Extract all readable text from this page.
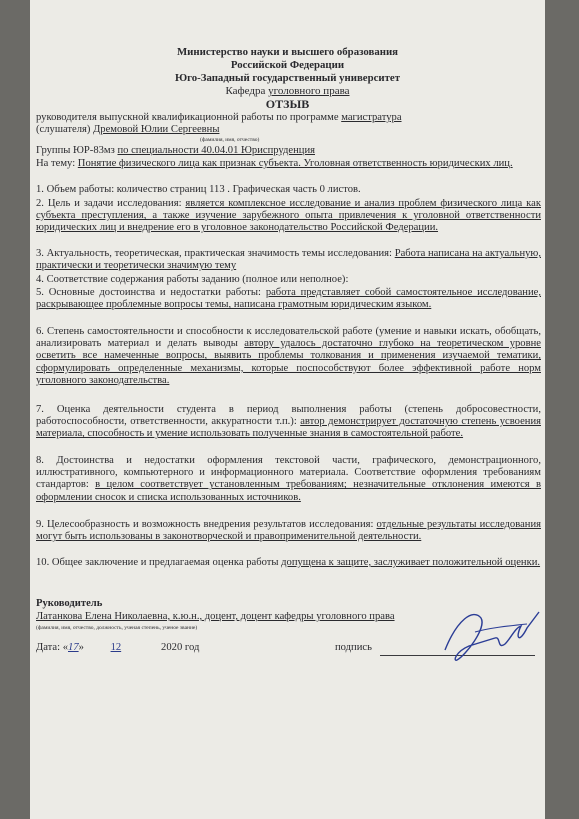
Министерство науки и высшего образования
Российской Федерации
Юго-Западный государственный университет
Кафедра уголовного права
ОТЗЫВ
руководителя выпускной квалификационной работы по программе магистратура
(слушателя) Дремовой Юлии Сергеевны
(фамилия, имя, отчество)
Группы ЮР-83мз по специальности 40.04.01 Юриспруденция
На тему: Понятие физического лица как признак субъекта. Уголовная ответственность юридических лиц.
1. Объем работы: количество страниц 113 . Графическая часть 0 листов.
2. Цель и задачи исследования: является комплексное исследование и анализ проблем физического лица как субъекта преступления, а также изучение зарубежного опыта привлечения к уголовной ответственности юридических лиц и внедрение его в уголовное законодательство Российской Федерации.
3. Актуальность, теоретическая, практическая значимость темы исследования: Работа написана на актуальную, практически и теоретически значимую тему
4. Соответствие содержания работы заданию (полное или неполное):
5. Основные достоинства и недостатки работы: работа представляет собой самостоятельное исследование, раскрывающее проблемные вопросы темы, написана грамотным юридическим языком.
6. Степень самостоятельности и способности к исследовательской работе (умение и навыки искать, обобщать, анализировать материал и делать выводы автору удалось достаточно глубоко на теоретическом уровне осветить все намеченные вопросы, выявить проблемы толкования и применения изучаемой тематики, сформулировать определенные механизмы, которые поспособствуют более эффективной работе норм уголовного законодательства.
7. Оценка деятельности студента в период выполнения работы (степень добросовестности, работоспособности, ответственности, аккуратности т.п.): автор демонстрирует достаточную степень усвоения материала, способность и умение использовать полученные знания в самостоятельной работе.
8. Достоинства и недостатки оформления текстовой части, графического, демонстрационного, иллюстративного, компьютерного и информационного материала. Соответствие оформления требованиям стандартов: в целом соответствует установленным требованиям; незначительные отклонения имеются в оформлении сносок и списка использованных источников.
9. Целесообразность и возможность внедрения результатов исследования: отдельные результаты исследования могут быть использованы в законотворческой и правоприменительной деятельности.
10. Общее заключение и предлагаемая оценка работы допущена к защите, заслуживает положительной оценки.
Руководитель
Латанкова Елена Николаевна, к.ю.н., доцент, доцент кафедры уголовного права
(фамилия, имя, отчество, должность, ученая степень, ученое звание)
Дата: «17» 12	2020 год	подпись
